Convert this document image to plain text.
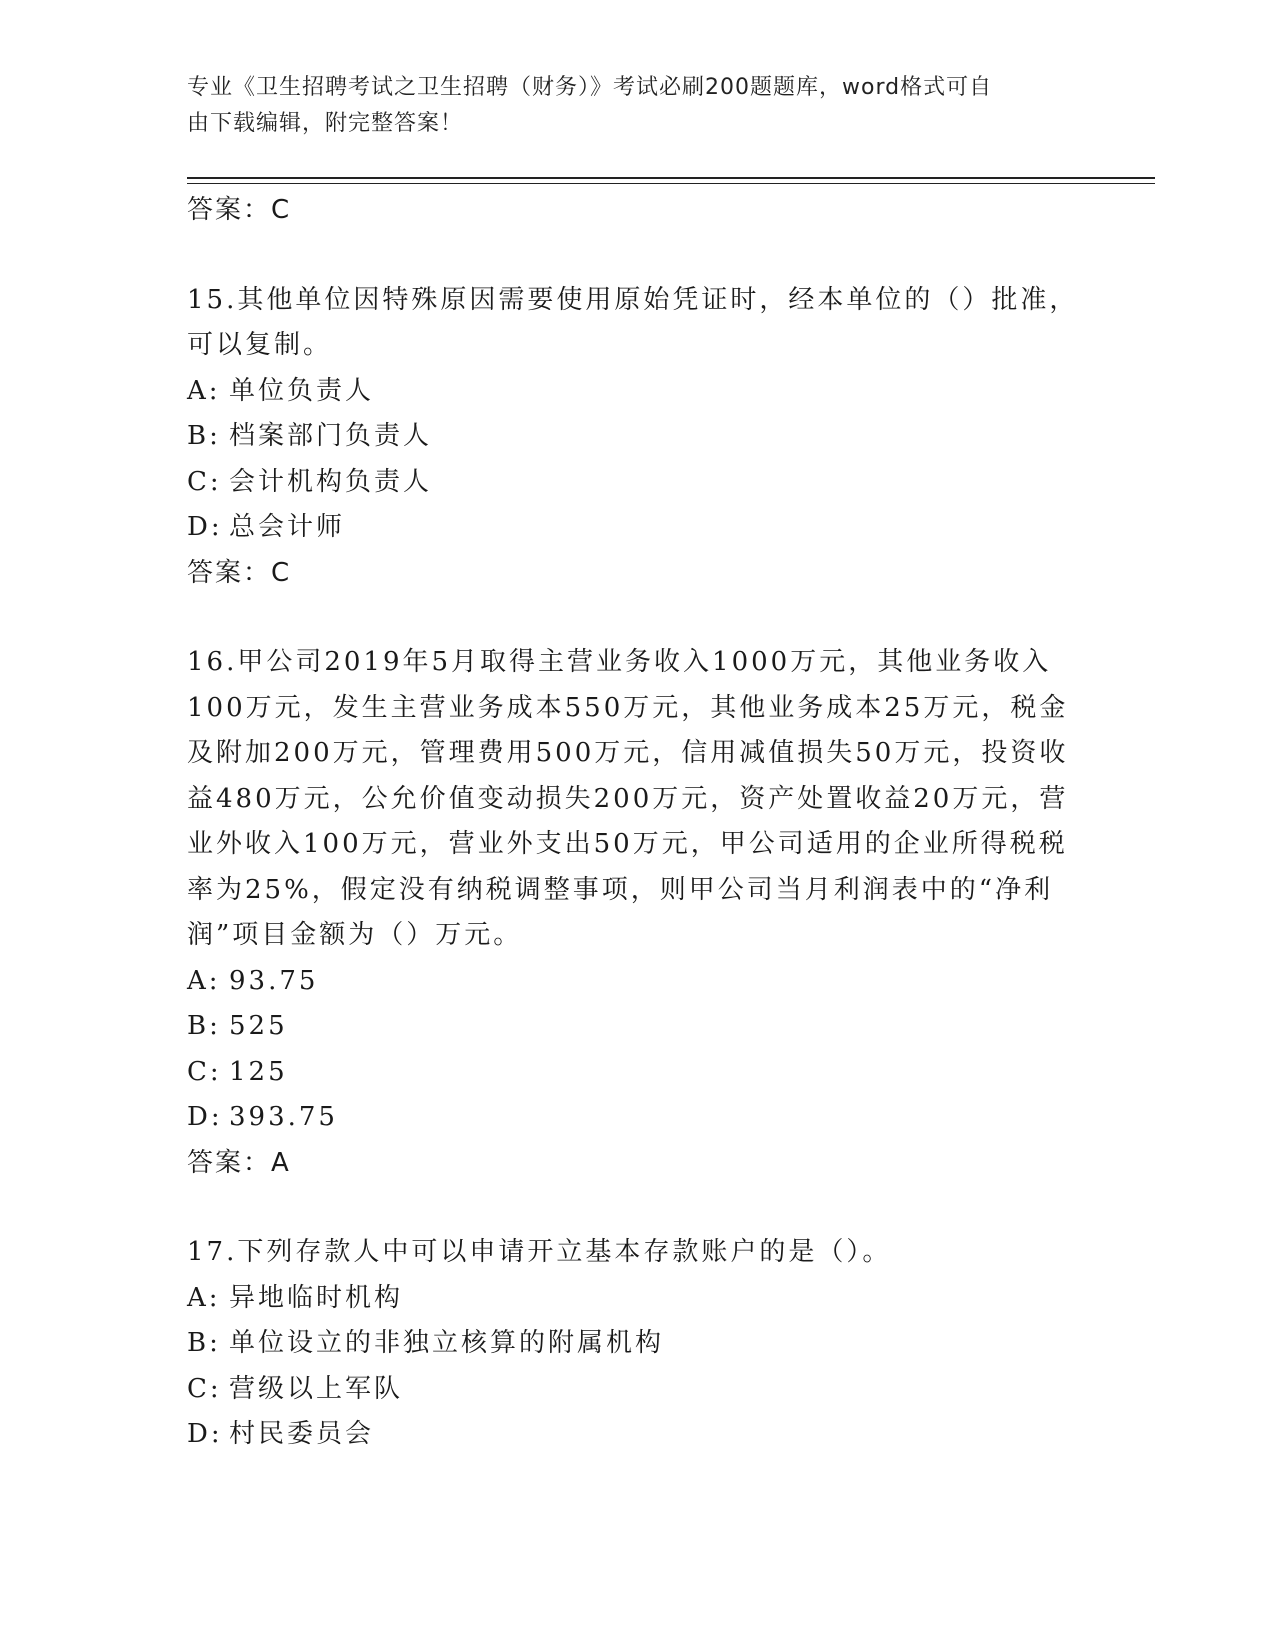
专业《卫生招聘考试之卫生招聘（财务）》考试必刷200题题库，word格式可自
由下载编辑，附完整答案！
答案：C
15.其他单位因特殊原因需要使用原始凭证时，经本单位的（）批准，
可以复制。
A: 单位负责人
B: 档案部门负责人
C: 会计机构负责人
D: 总会计师
答案：C
16.甲公司2019年5月取得主营业务收入1000万元，其他业务收入
100万元，发生主营业务成本550万元，其他业务成本25万元，税金
及附加200万元，管理费用500万元，信用减值损失50万元，投资收
益480万元，公允价值变动损失200万元，资产处置收益20万元，营
业外收入100万元，营业外支出50万元，甲公司适用的企业所得税税
率为25%，假定没有纳税调整事项，则甲公司当月利润表中的“净利
润”项目金额为（）万元。
A: 93.75
B: 525
C: 125
D: 393.75
答案：A
17.下列存款人中可以申请开立基本存款账户的是（）。
A: 异地临时机构
B: 单位设立的非独立核算的附属机构
C: 营级以上军队
D: 村民委员会
